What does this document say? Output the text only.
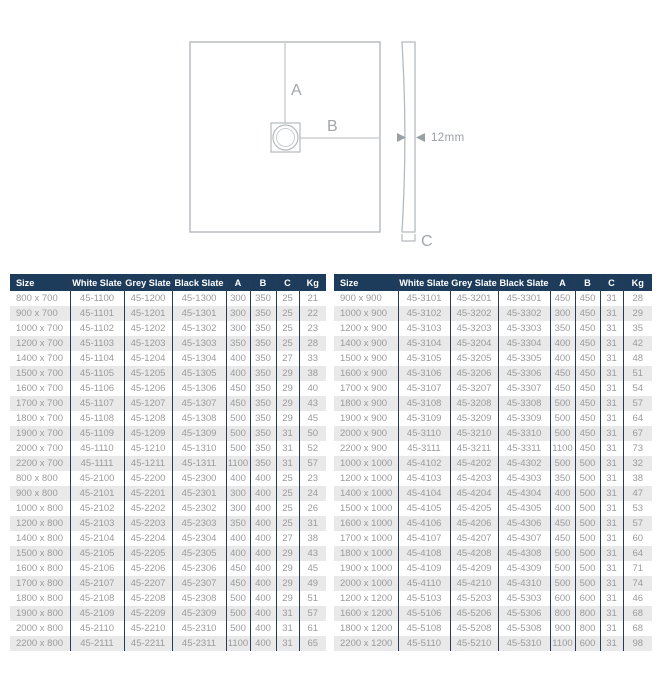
A
B
12mm
C
Size	White Slate	Grey Slate	Black Slate	A	B	C	Kg
800 x 700	45-1100	45-1200	45-1300	300	350	25	21
900 x 700	45-1101	45-1201	45-1301	300	350	25	22
1000 x 700	45-1102	45-1202	45-1302	300	350	25	23
1200 x 700	45-1103	45-1203	45-1303	350	350	25	28
1400 x 700	45-1104	45-1204	45-1304	400	350	27	33
1500 x 700	45-1105	45-1205	45-1305	400	350	29	38
1600 x 700	45-1106	45-1206	45-1306	450	350	29	40
1700 x 700	45-1107	45-1207	45-1307	450	350	29	43
1800 x 700	45-1108	45-1208	45-1308	500	350	29	45
1900 x 700	45-1109	45-1209	45-1309	500	350	31	50
2000 x 700	45-1110	45-1210	45-1310	500	350	31	52
2200 x 700	45-1111	45-1211	45-1311	1100	350	31	57
800 x 800	45-2100	45-2200	45-2300	400	400	25	23
900 x 800	45-2101	45-2201	45-2301	300	400	25	24
1000 x 800	45-2102	45-2202	45-2302	300	400	25	26
1200 x 800	45-2103	45-2203	45-2303	350	400	25	31
1400 x 800	45-2104	45-2204	45-2304	400	400	27	38
1500 x 800	45-2105	45-2205	45-2305	400	400	29	43
1600 x 800	45-2106	45-2206	45-2306	450	400	29	45
1700 x 800	45-2107	45-2207	45-2307	450	400	29	49
1800 x 800	45-2108	45-2208	45-2308	500	400	29	51
1900 x 800	45-2109	45-2209	45-2309	500	400	31	57
2000 x 800	45-2110	45-2210	45-2310	500	400	31	61
2200 x 800	45-2111	45-2211	45-2311	1100	400	31	65
Size	White Slate	Grey Slate	Black Slate	A	B	C	Kg
900 x 900	45-3101	45-3201	45-3301	450	450	31	28
1000 x 900	45-3102	45-3202	45-3302	300	450	31	29
1200 x 900	45-3103	45-3203	45-3303	350	450	31	35
1400 x 900	45-3104	45-3204	45-3304	400	450	31	42
1500 x 900	45-3105	45-3205	45-3305	400	450	31	48
1600 x 900	45-3106	45-3206	45-3306	450	450	31	51
1700 x 900	45-3107	45-3207	45-3307	450	450	31	54
1800 x 900	45-3108	45-3208	45-3308	500	450	31	57
1900 x 900	45-3109	45-3209	45-3309	500	450	31	64
2000 x 900	45-3110	45-3210	45-3310	500	450	31	67
2200 x 900	45-3111	45-3211	45-3311	1100	450	31	73
1000 x 1000	45-4102	45-4202	45-4302	500	500	31	32
1200 x 1000	45-4103	45-4203	45-4303	350	500	31	38
1400 x 1000	45-4104	45-4204	45-4304	400	500	31	47
1500 x 1000	45-4105	45-4205	45-4305	400	500	31	53
1600 x 1000	45-4106	45-4206	45-4306	450	500	31	57
1700 x 1000	45-4107	45-4207	45-4307	450	500	31	60
1800 x 1000	45-4108	45-4208	45-4308	500	500	31	64
1900 x 1000	45-4109	45-4209	45-4309	500	500	31	71
2000 x 1000	45-4110	45-4210	45-4310	500	500	31	74
1200 x 1200	45-5103	45-5203	45-5303	600	600	31	46
1600 x 1200	45-5106	45-5206	45-5306	800	800	31	68
1800 x 1200	45-5108	45-5208	45-5308	900	800	31	68
2200 x 1200	45-5110	45-5210	45-5310	1100	600	31	98
